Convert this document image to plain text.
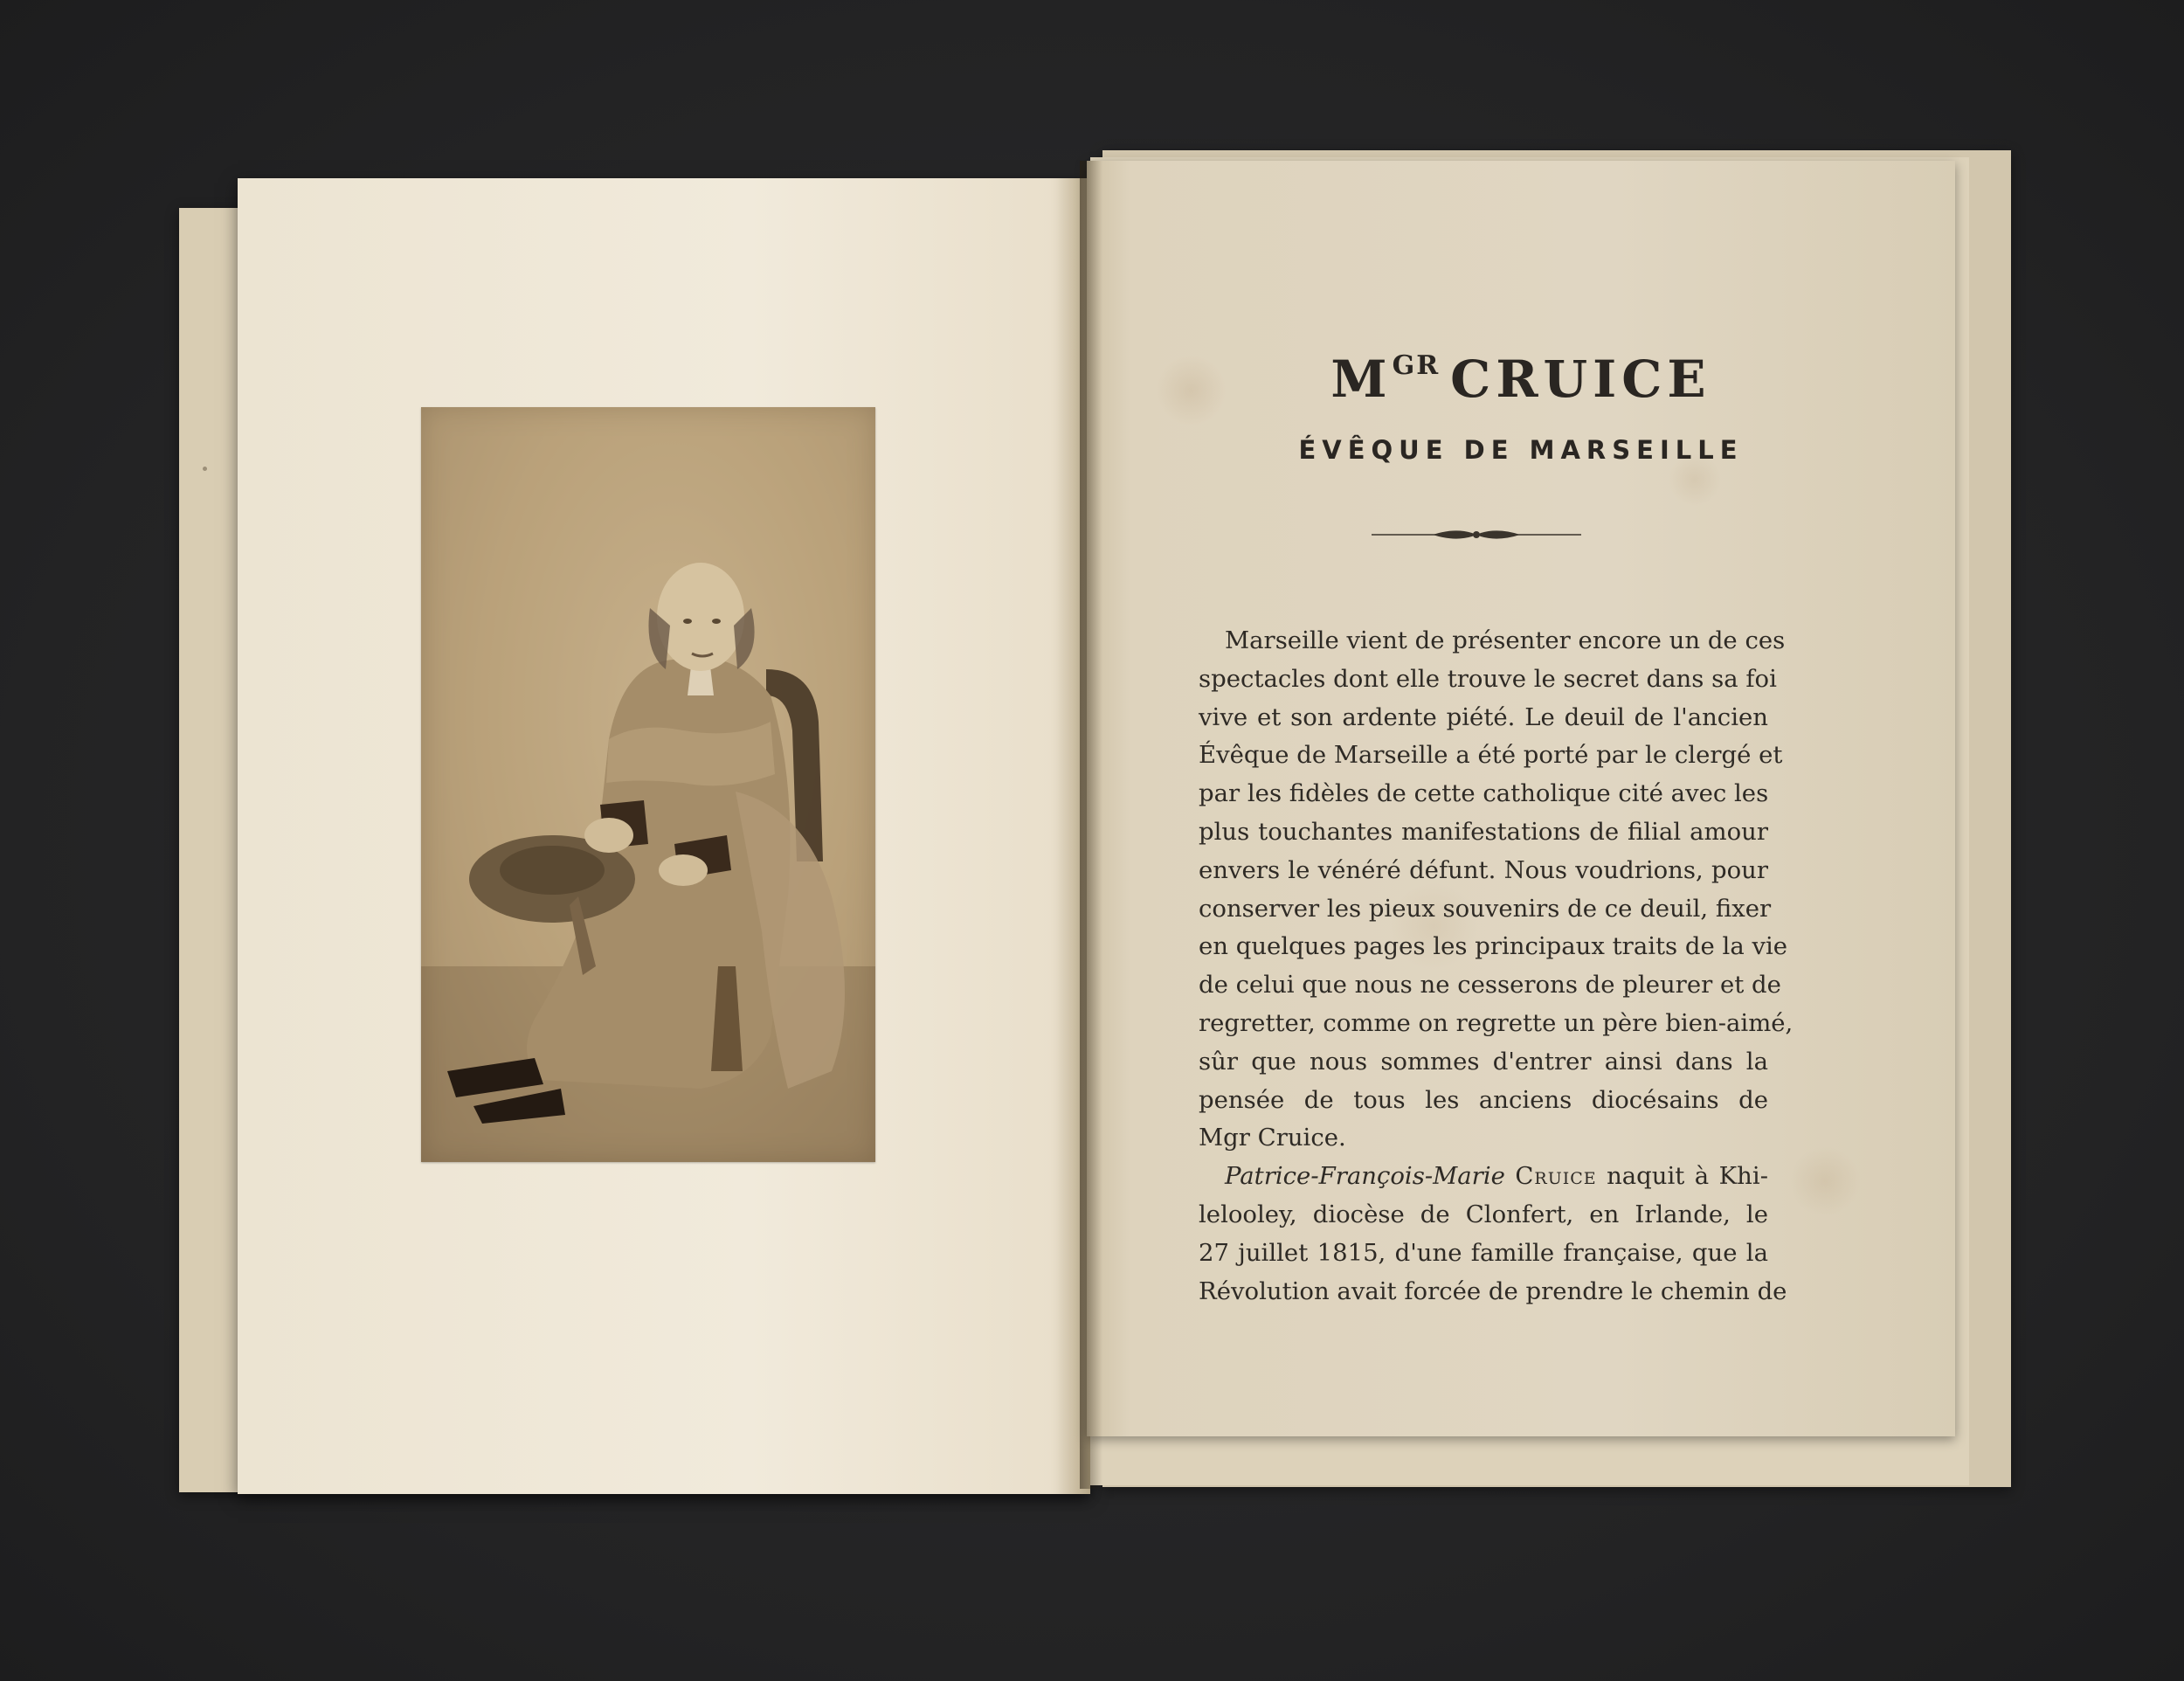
$M^{GR}$ CRUICE
ÉVÊQUE DE MARSEILLE
Marseille vient de présenter encore un de ces
spectacles dont elle trouve le secret dans sa foi
vive et son ardente piété. Le deuil de l'ancien
Évêque de Marseille a été porté par le clergé et
par les fidèles de cette catholique cité avec les
plus touchantes manifestations de filial amour
envers le vénéré défunt. Nous voudrions, pour
conserver les pieux souvenirs de ce deuil, fixer
en quelques pages les principaux traits de la vie
de celui que nous ne cesserons de pleurer et de
regretter, comme on regrette un père bien-aimé,
sûr que nous sommes d'entrer ainsi dans la
pensée de tous les anciens diocésains de
Mgr Cruice.
Patrice-François-Marie Cruice naquit à Khi-
lelooley, diocèse de Clonfert, en Irlande, le
27 juillet 1815, d'une famille française, que la
Révolution avait forcée de prendre le chemin de
